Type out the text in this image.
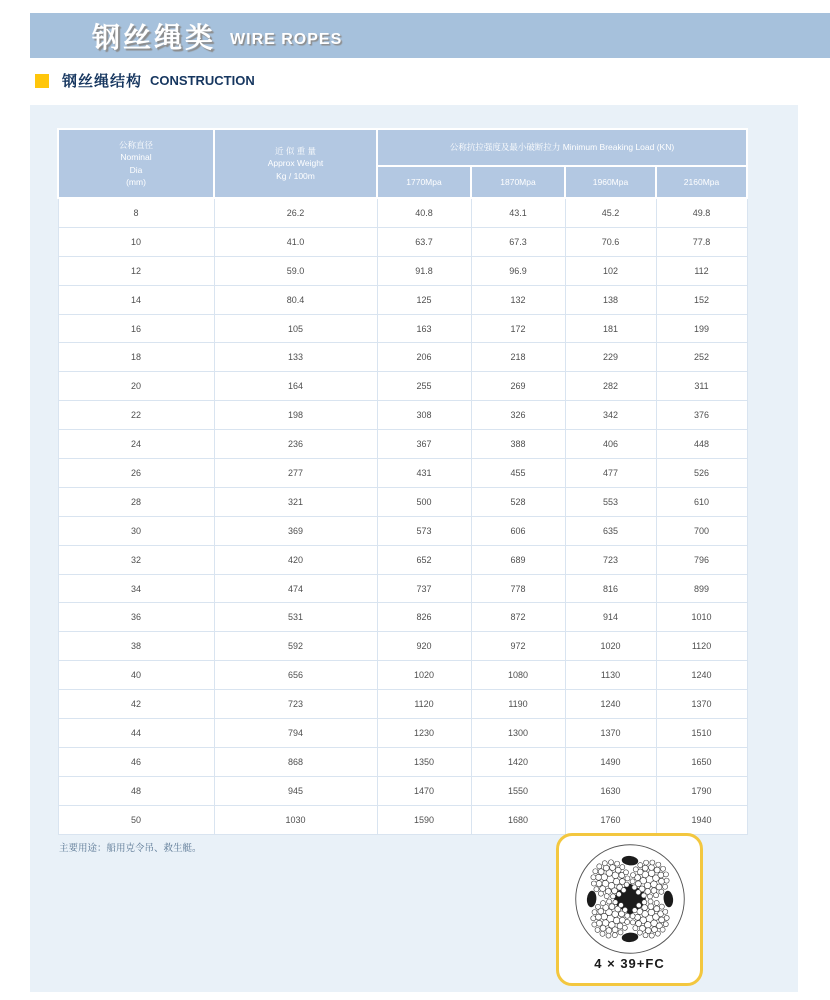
钢丝绳类 WIRE ROPES
钢丝绳结构 CONSTRUCTION
公称直径
Nominal
Dia
(mm)

近 似 重 量
Approx Weight
Kg / 100m
	公称抗拉强度及最小破断拉力 Minimum Breaking Load (KN)
		1770Mpa	1870Mpa	1960Mpa	2160Mpa
8	26.2	40.8	43.1	45.2	49.8
10	41.0	63.7	67.3	70.6	77.8
12	59.0	91.8	96.9	102	112
14	80.4	125	132	138	152
16	105	163	172	181	199
18	133	206	218	229	252
20	164	255	269	282	311
22	198	308	326	342	376
24	236	367	388	406	448
26	277	431	455	477	526
28	321	500	528	553	610
30	369	573	606	635	700
32	420	652	689	723	796
34	474	737	778	816	899
36	531	826	872	914	1010
38	592	920	972	1020	1120
40	656	1020	1080	1130	1240
42	723	1120	1190	1240	1370
44	794	1230	1300	1370	1510
46	868	1350	1420	1490	1650
48	945	1470	1550	1630	1790
50	1030	1590	1680	1760	1940
主要用途：船用克令吊、救生艇。
4 × 39+FC
